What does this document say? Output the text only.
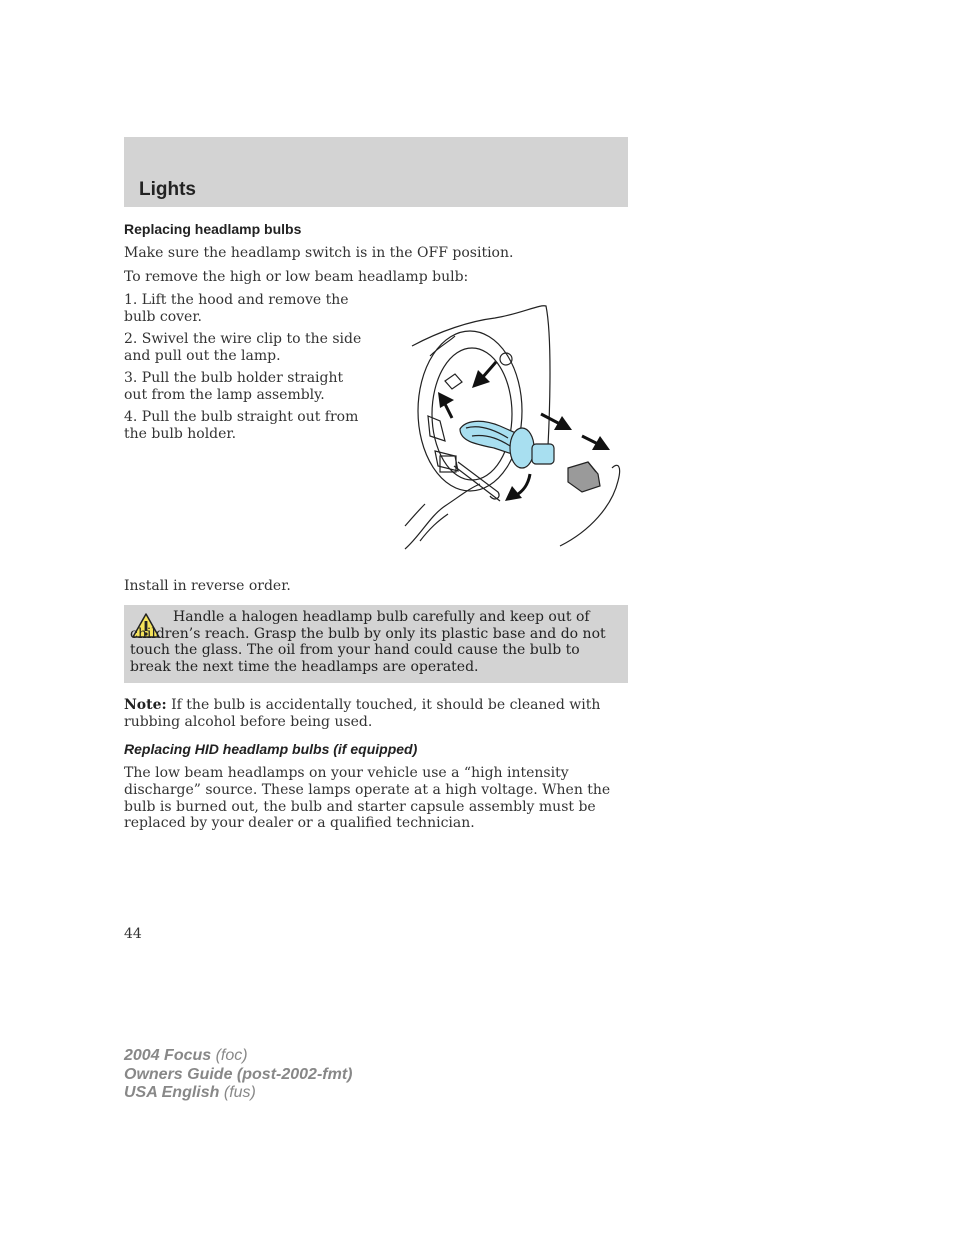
Lights
Replacing headlamp bulbs
Make sure the headlamp switch is in the OFF position.
To remove the high or low beam headlamp bulb:
1. Lift the hood and remove the bulb cover.
2. Swivel the wire clip to the side and pull out the lamp.
3. Pull the bulb holder straight out from the lamp assembly.
4. Pull the bulb straight out from the bulb holder.
Install in reverse order.
Handle a halogen headlamp bulb carefully and keep out of children’s reach. Grasp the bulb by only its plastic base and do not touch the glass. The oil from your hand could cause the bulb to break the next time the headlamps are operated.
Note: If the bulb is accidentally touched, it should be cleaned with rubbing alcohol before being used.
Replacing HID headlamp bulbs (if equipped)
The low beam headlamps on your vehicle use a “high intensity discharge” source. These lamps operate at a high voltage. When the bulb is burned out, the bulb and starter capsule assembly must be replaced by your dealer or a qualified technician.
44
2004 Focus (foc)
Owners Guide (post-2002-fmt)
USA English (fus)
